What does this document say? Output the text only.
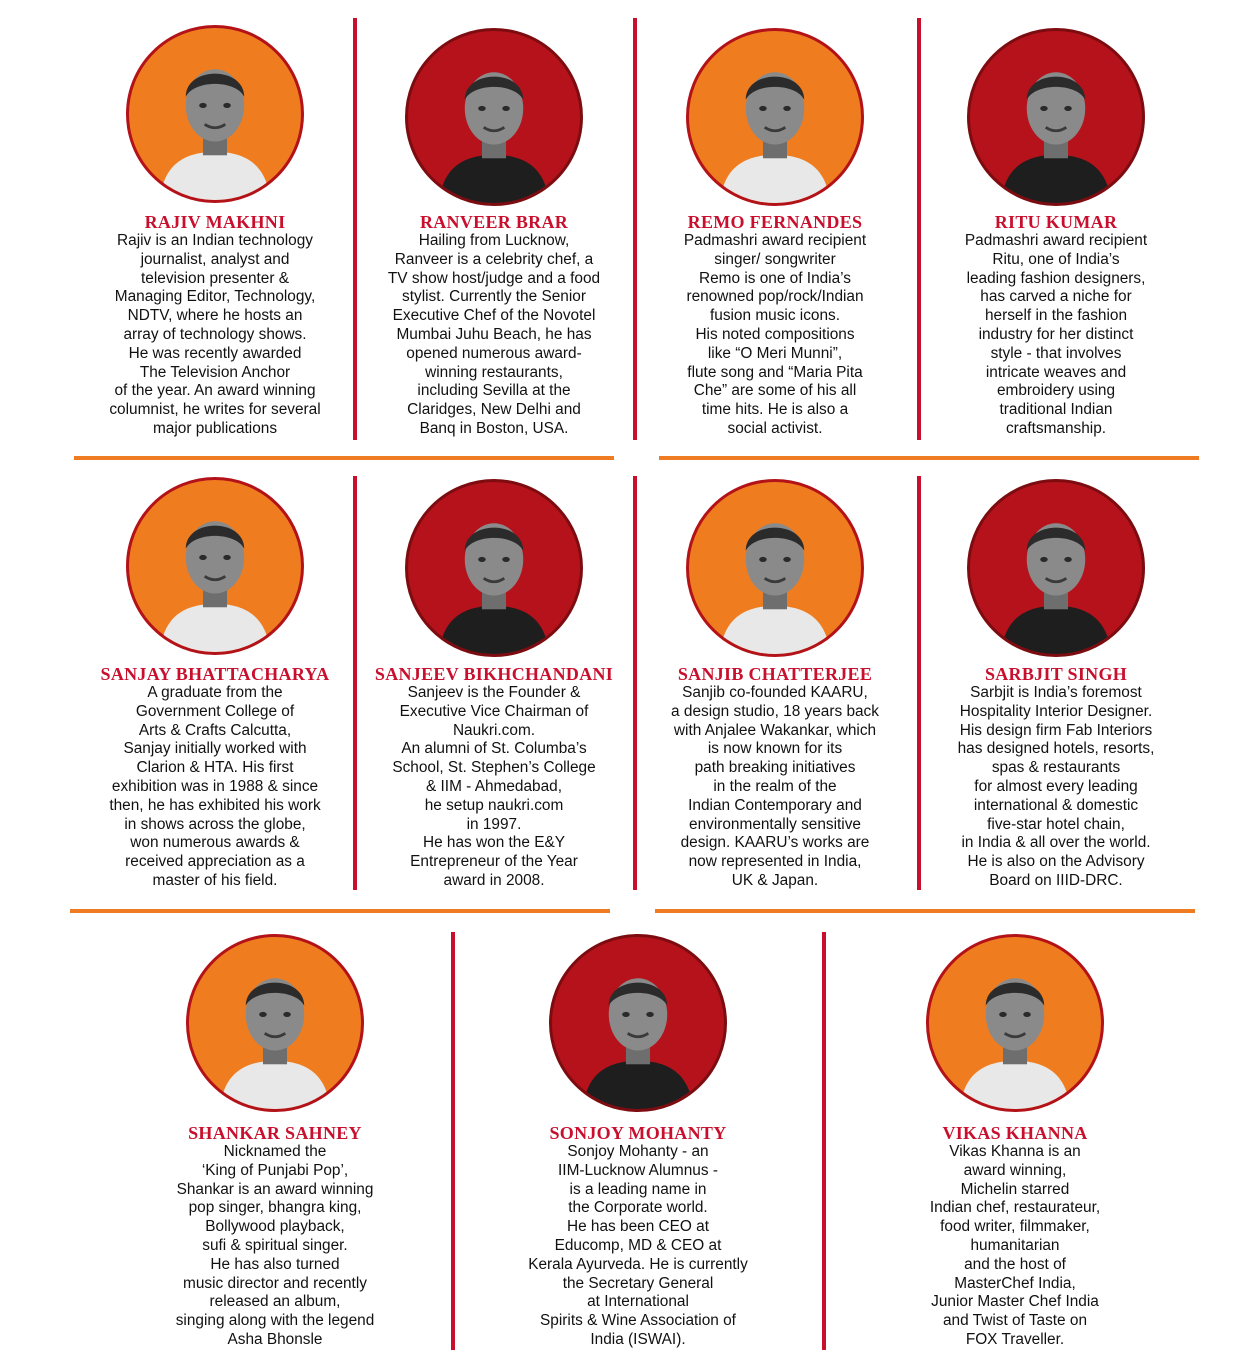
RAJIV MAKHNI
Rajiv is an Indian technology
journalist, analyst and
television presenter &
Managing Editor, Technology,
NDTV, where he hosts an
array of technology shows.
He was recently awarded
The Television Anchor
of the year. An award winning
columnist, he writes for several
major publications
RANVEER BRAR
Hailing from Lucknow,
Ranveer is a celebrity chef, a
TV show host/judge and a food
stylist. Currently the Senior
Executive Chef of the Novotel
Mumbai Juhu Beach, he has
opened numerous award-
winning restaurants,
including Sevilla at the
Claridges, New Delhi and
Banq in Boston, USA.
REMO FERNANDES
Padmashri award recipient
singer/ songwriter
Remo is one of India’s
renowned pop/rock/Indian
fusion music icons.
His noted compositions
like “O Meri Munni”,
flute song and “Maria Pita
Che” are some of his all
time hits. He is also a
social activist.
RITU KUMAR
Padmashri award recipient
Ritu, one of India’s
leading fashion designers,
has carved a niche for
herself in the fashion
industry for her distinct
style - that involves
intricate weaves and
embroidery using
traditional Indian
craftsmanship.
SANJAY BHATTACHARYA
A graduate from the
Government College of
Arts & Crafts Calcutta,
Sanjay initially worked with
Clarion & HTA. His first
exhibition was in 1988 & since
then, he has exhibited his work
in shows across the globe,
won numerous awards &
received appreciation as a
master of his field.
SANJEEV BIKHCHANDANI
Sanjeev is the Founder &
Executive Vice Chairman of
Naukri.com.
An alumni of St. Columba’s
School, St. Stephen’s College
& IIM - Ahmedabad,
he setup naukri.com
in 1997.
He has won the E&Y
Entrepreneur of the Year
award in 2008.
SANJIB CHATTERJEE
Sanjib co-founded KAARU,
a design studio, 18 years back
with Anjalee Wakankar, which
is now known for its
path breaking initiatives
in the realm of the
Indian Contemporary and
environmentally sensitive
design. KAARU’s works are
now represented in India,
UK & Japan.
SARBJIT SINGH
Sarbjit is India’s foremost
Hospitality Interior Designer.
His design firm Fab Interiors
has designed hotels, resorts,
spas & restaurants
for almost every leading
international & domestic
five-star hotel chain,
in India & all over the world.
He is also on the Advisory
Board on IIID-DRC.
SHANKAR SAHNEY
Nicknamed the
‘King of Punjabi Pop’,
Shankar is an award winning
pop singer, bhangra king,
Bollywood playback,
sufi & spiritual singer.
He has also turned
music director and recently
released an album,
singing along with the legend
Asha Bhonsle
SONJOY MOHANTY
Sonjoy Mohanty - an
IIM-Lucknow Alumnus -
is a leading name in
the Corporate world.
He has been CEO at
Educomp, MD & CEO at
Kerala Ayurveda. He is currently
the Secretary General
at International
Spirits & Wine Association of
India (ISWAI).
VIKAS KHANNA
Vikas Khanna is an
award winning,
Michelin starred
Indian chef, restaurateur,
food writer, filmmaker,
humanitarian
and the host of
MasterChef India,
Junior Master Chef India
and Twist of Taste on
FOX Traveller.
